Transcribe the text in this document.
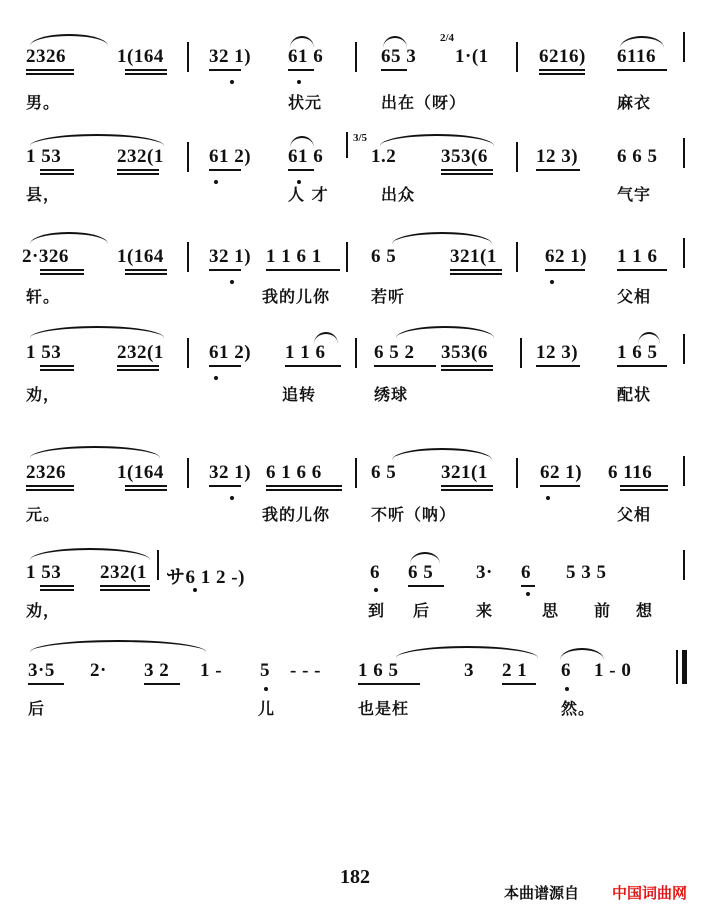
2326	1(164 32 1) 61 6	65 3
2/4
1·(1	6216) 6116
男。	状元	出在（呀）	麻衣
1 53	232(1 61 2) 61 6
3/5
1.2 353(6	12 3) 6 6 5
县，	人 才	出众	气宇
2·326	1(164 32 1) 1 1 6 1	6 5	321(1	62 1) 1 1 6
轩。	我的儿你	若听	父相
1 53	232(1 61 2) 1 1 6	6 5 2 353(6	12 3) 1 6 5
劝，	追转	绣球	配状
2326	1(164 32 1) 6 1 6 6	6 5 321(1	62 1) 6 116
元。	我的儿你	不听（呐）	父相
1 53 232(1 サ6 1 2 -)	6 6 5 3· 6 5 3 5
劝，	到 后	来	思 前 想
3·5 2· 3 2 1 - 5 - - - 1 6 5	3 2 1 6 1 - 0
后	儿	也是枉	然。
182
本曲谱源自 中国词曲网
